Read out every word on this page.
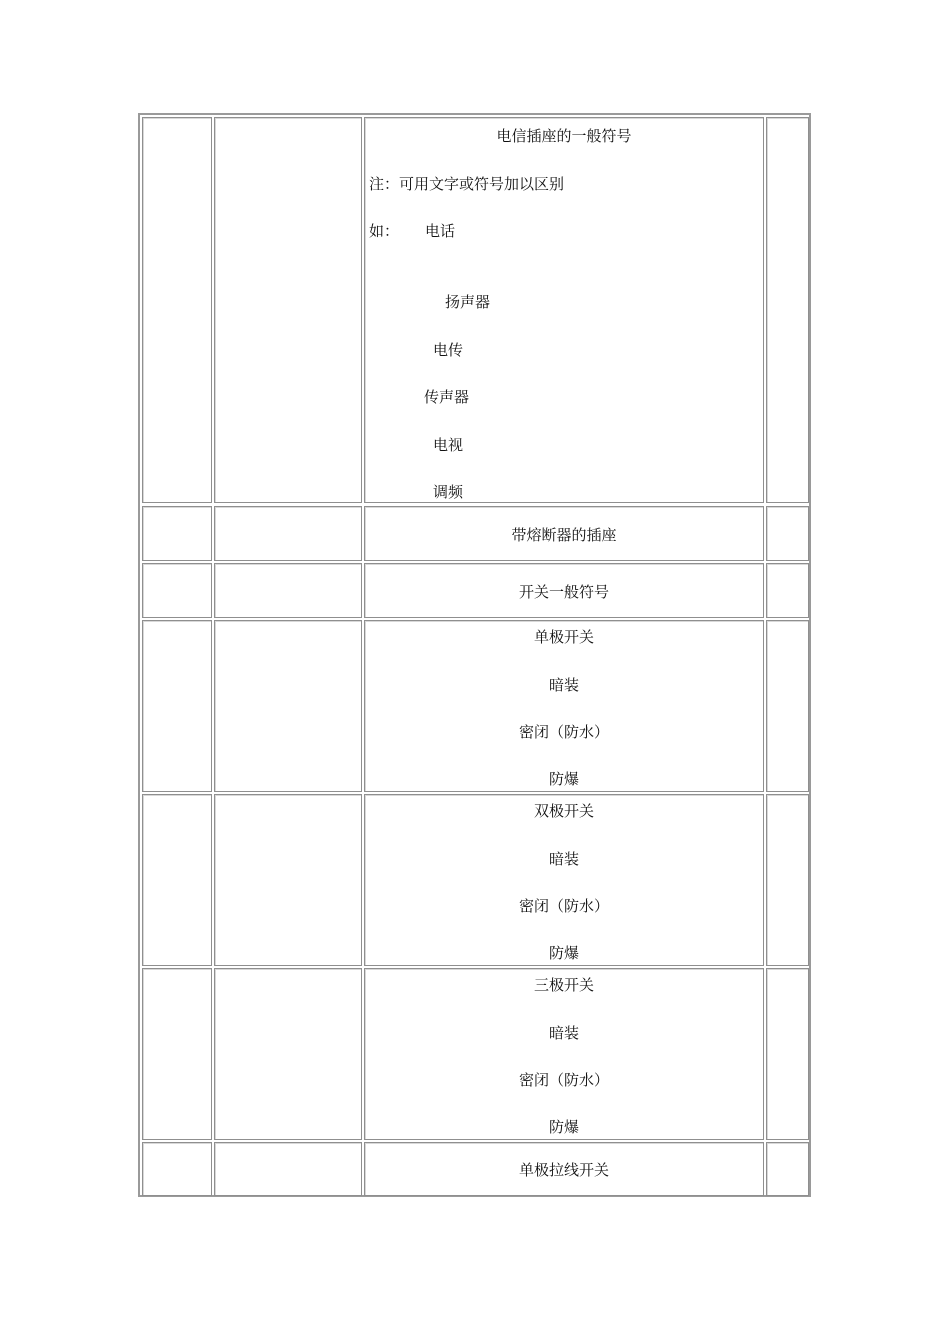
电信插座的一般符号
注：可用文字或符号加以区别
如： 电话
扬声器
电传
传声器
电视
调频
带熔断器的插座
开关一般符号
单极开关
暗装
密闭（防水）
防爆
双极开关
暗装
密闭（防水）
防爆
三极开关
暗装
密闭（防水）
防爆
单极拉线开关
